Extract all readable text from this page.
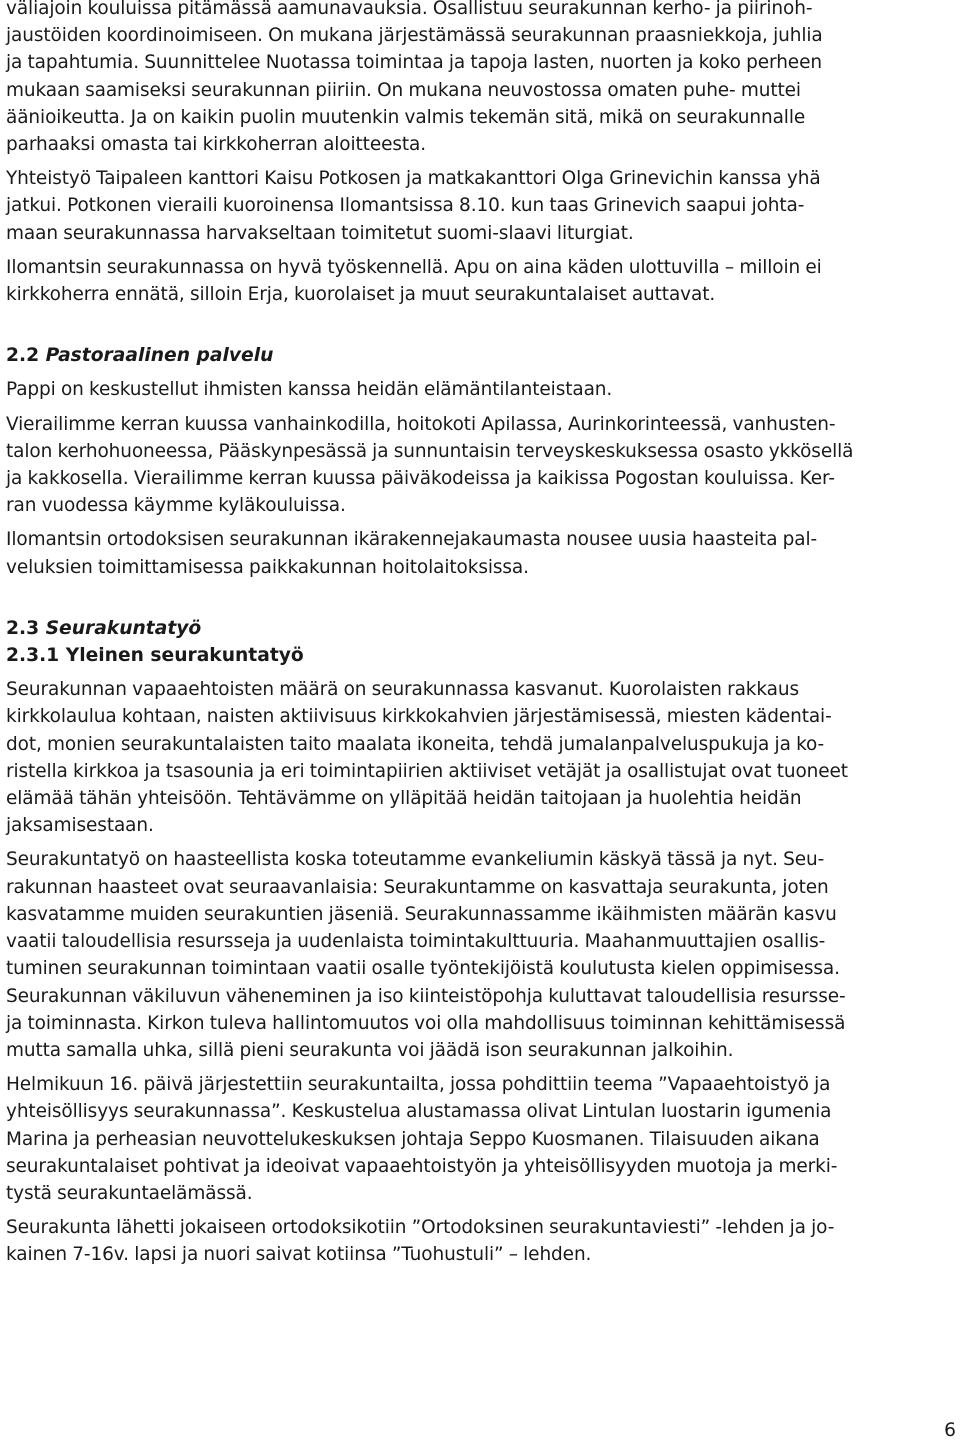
väliajoin kouluissa pitämässä aamunavauksia. Osallistuu seurakunnan kerho- ja piirinoh-
jaustöiden koordinoimiseen. On mukana järjestämässä seurakunnan praasniekkoja, juhlia
ja tapahtumia. Suunnittelee Nuotassa toimintaa ja tapoja lasten, nuorten ja koko perheen
mukaan saamiseksi seurakunnan piiriin. On mukana neuvostossa omaten puhe- muttei
äänioikeutta. Ja on kaikin puolin muutenkin valmis tekemän sitä, mikä on seurakunnalle
parhaaksi omasta tai kirkkoherran aloitteesta.

Yhteistyö Taipaleen kanttori Kaisu Potkosen ja matkakanttori Olga Grinevichin kanssa yhä
jatkui. Potkonen vieraili kuoroinensa Ilomantsissa 8.10. kun taas Grinevich saapui johta-
maan seurakunnassa harvakseltaan toimitetut suomi-slaavi liturgiat.

Ilomantsin seurakunnassa on hyvä työskennellä. Apu on aina käden ulottuvilla – milloin ei
kirkkoherra ennätä, silloin Erja, kuorolaiset ja muut seurakuntalaiset auttavat.

2.2 Pastoraalinen palvelu

Pappi on keskustellut ihmisten kanssa heidän elämäntilanteistaan.

Vierailimme kerran kuussa vanhainkodilla, hoitokoti Apilassa, Aurinkorinteessä, vanhusten-
talon kerhohuoneessa, Pääskynpesässä ja sunnuntaisin terveyskeskuksessa osasto ykkösellä
ja kakkosella. Vierailimme kerran kuussa päiväkodeissa ja kaikissa Pogostan kouluissa. Ker-
ran vuodessa käymme kyläkouluissa.

Ilomantsin ortodoksisen seurakunnan ikärakennejakaumasta nousee uusia haasteita pal-
veluksien toimittamisessa paikkakunnan hoitolaitoksissa.

2.3 Seurakuntatyö
2.3.1 Yleinen seurakuntatyö

Seurakunnan vapaaehtoisten määrä on seurakunnassa kasvanut. Kuorolaisten rakkaus
kirkkolaulua kohtaan, naisten aktiivisuus kirkkokahvien järjestämisessä, miesten kädentai-
dot, monien seurakuntalaisten taito maalata ikoneita, tehdä jumalanpalveluspukuja ja ko-
ristella kirkkoa ja tsasounia ja eri toimintapiirien aktiiviset vetäjät ja osallistujat ovat tuoneet
elämää tähän yhteisöön. Tehtävämme on ylläpitää heidän taitojaan ja huolehtia heidän
jaksamisestaan.

Seurakuntatyö on haasteellista koska toteutamme evankeliumin käskyä tässä ja nyt. Seu-
rakunnan haasteet ovat seuraavanlaisia: Seurakuntamme on kasvattaja seurakunta, joten
kasvatamme muiden seurakuntien jäseniä. Seurakunnassamme ikäihmisten määrän kasvu
vaatii taloudellisia resursseja ja uudenlaista toimintakulttuuria. Maahanmuuttajien osallis-
tuminen seurakunnan toimintaan vaatii osalle työntekijöistä koulutusta kielen oppimisessa.
Seurakunnan väkiluvun väheneminen ja iso kiinteistöpohja kuluttavat taloudellisia resursse-
ja toiminnasta. Kirkon tuleva hallintomuutos voi olla mahdollisuus toiminnan kehittämisessä
mutta samalla uhka, sillä pieni seurakunta voi jäädä ison seurakunnan jalkoihin.

Helmikuun 16. päivä järjestettiin seurakuntailta, jossa pohdittiin teema ”Vapaaehtoistyö ja
yhteisöllisyys seurakunnassa”. Keskustelua alustamassa olivat Lintulan luostarin igumenia
Marina ja perheasian neuvottelukeskuksen johtaja Seppo Kuosmanen. Tilaisuuden aikana
seurakuntalaiset pohtivat ja ideoivat vapaaehtoistyön ja yhteisöllisyyden muotoja ja merki-
tystä seurakuntaelämässä.

Seurakunta lähetti jokaiseen ortodoksikotiin ”Ortodoksinen seurakuntaviesti” -lehden ja jo-
kainen 7-16v. lapsi ja nuori saivat kotiinsa ”Tuohustuli” – lehden.

6
